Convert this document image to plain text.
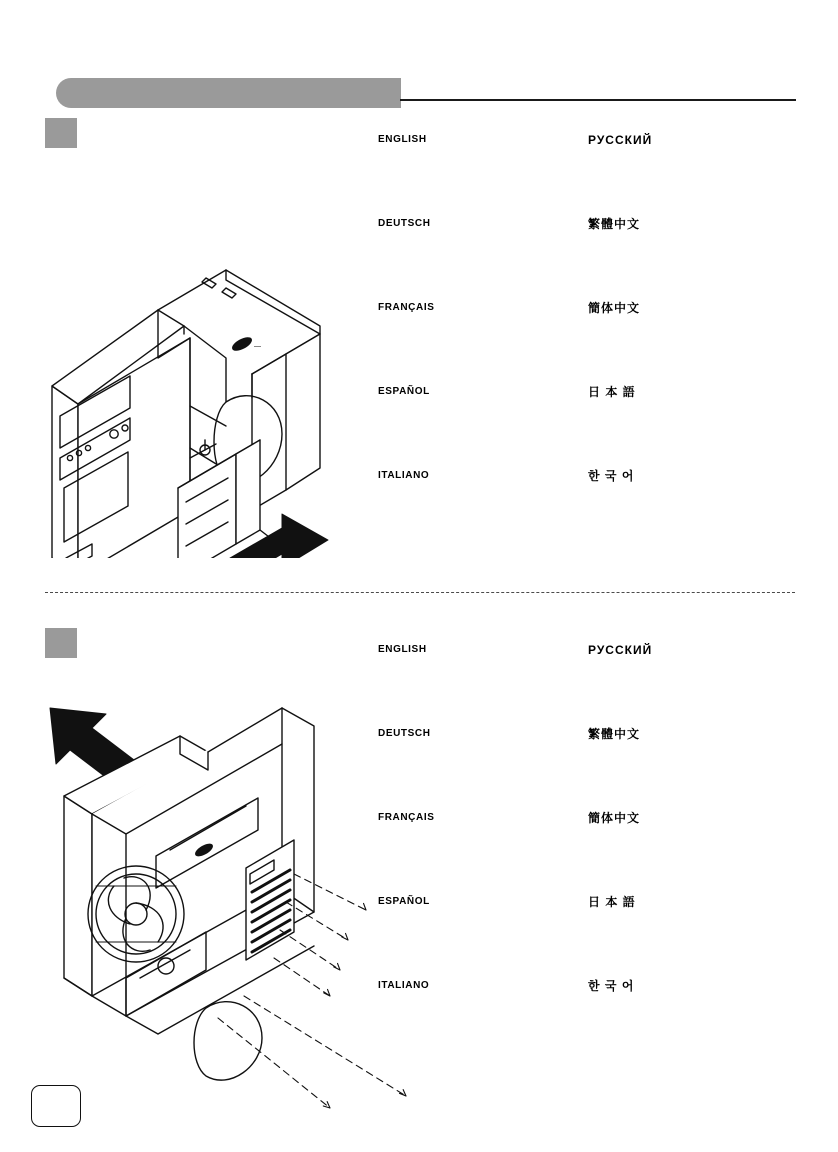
—
ENGLISH
DEUTSCH
FRANÇAIS
ESPAÑOL
ITALIANO
РУССКИЙ
繁體中文
簡体中文
日 本 語
한 국 어
ENGLISH
DEUTSCH
FRANÇAIS
ESPAÑOL
ITALIANO
РУССКИЙ
繁體中文
簡体中文
日 本 語
한 국 어
